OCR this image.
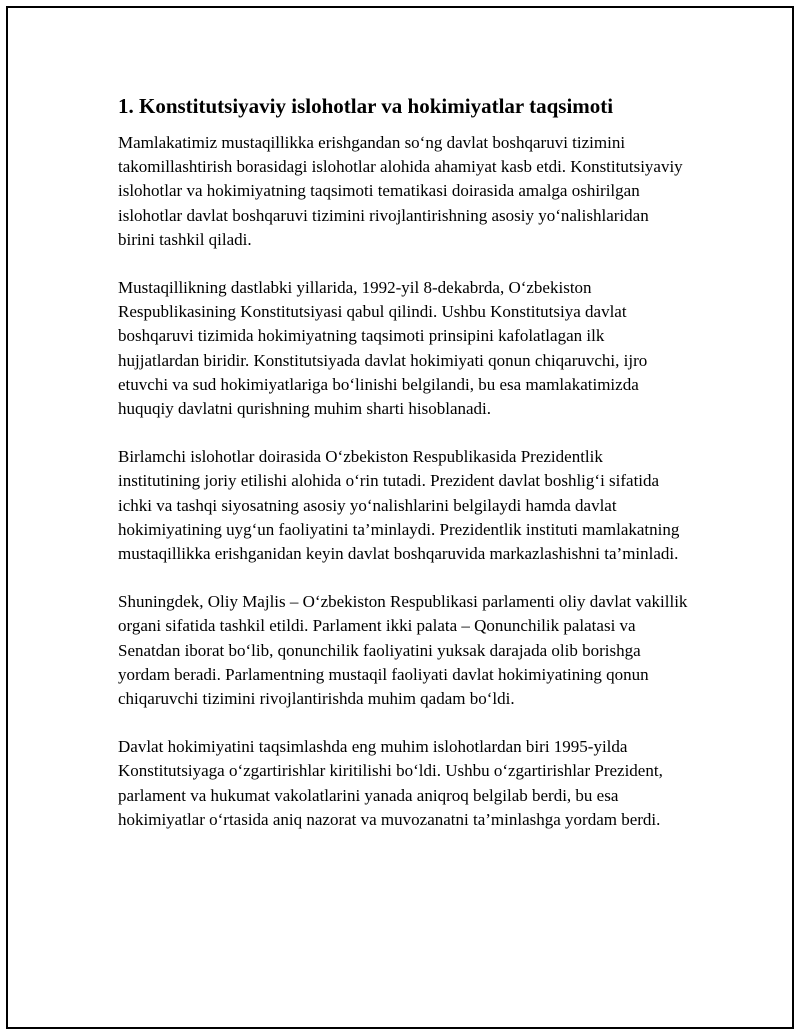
1. Konstitutsiyaviy islohotlar va hokimiyatlar taqsimoti

Mamlakatimiz mustaqillikka erishgandan so‘ng davlat boshqaruvi tizimini takomillashtirish borasidagi islohotlar alohida ahamiyat kasb etdi. Konstitutsiyaviy islohotlar va hokimiyatning taqsimoti tematikasi doirasida amalga oshirilgan islohotlar davlat boshqaruvi tizimini rivojlantirishning asosiy yo‘nalishlaridan birini tashkil qiladi.

Mustaqillikning dastlabki yillarida, 1992-yil 8-dekabrda, O‘zbekiston Respublikasining Konstitutsiyasi qabul qilindi. Ushbu Konstitutsiya davlat boshqaruvi tizimida hokimiyatning taqsimoti prinsipini kafolatlagan ilk hujjatlardan biridir. Konstitutsiyada davlat hokimiyati qonun chiqaruvchi, ijro etuvchi va sud hokimiyatlariga bo‘linishi belgilandi, bu esa mamlakatimizda huquqiy davlatni qurishning muhim sharti hisoblanadi.

Birlamchi islohotlar doirasida O‘zbekiston Respublikasida Prezidentlik institutining joriy etilishi alohida o‘rin tutadi. Prezident davlat boshlig‘i sifatida ichki va tashqi siyosatning asosiy yo‘nalishlarini belgilaydi hamda davlat hokimiyatining uyg‘un faoliyatini ta’minlaydi. Prezidentlik instituti mamlakatning mustaqillikka erishganidan keyin davlat boshqaruvida markazlashishni ta’minladi.

Shuningdek, Oliy Majlis – O‘zbekiston Respublikasi parlamenti oliy davlat vakillik organi sifatida tashkil etildi. Parlament ikki palata – Qonunchilik palatasi va Senatdan iborat bo‘lib, qonunchilik faoliyatini yuksak darajada olib borishga yordam beradi. Parlamentning mustaqil faoliyati davlat hokimiyatining qonun chiqaruvchi tizimini rivojlantirishda muhim qadam bo‘ldi.

Davlat hokimiyatini taqsimlashda eng muhim islohotlardan biri 1995-yilda Konstitutsiyaga o‘zgartirishlar kiritilishi bo‘ldi. Ushbu o‘zgartirishlar Prezident, parlament va hukumat vakolatlarini yanada aniqroq belgilab berdi, bu esa hokimiyatlar o‘rtasida aniq nazorat va muvozanatni ta’minlashga yordam berdi.
